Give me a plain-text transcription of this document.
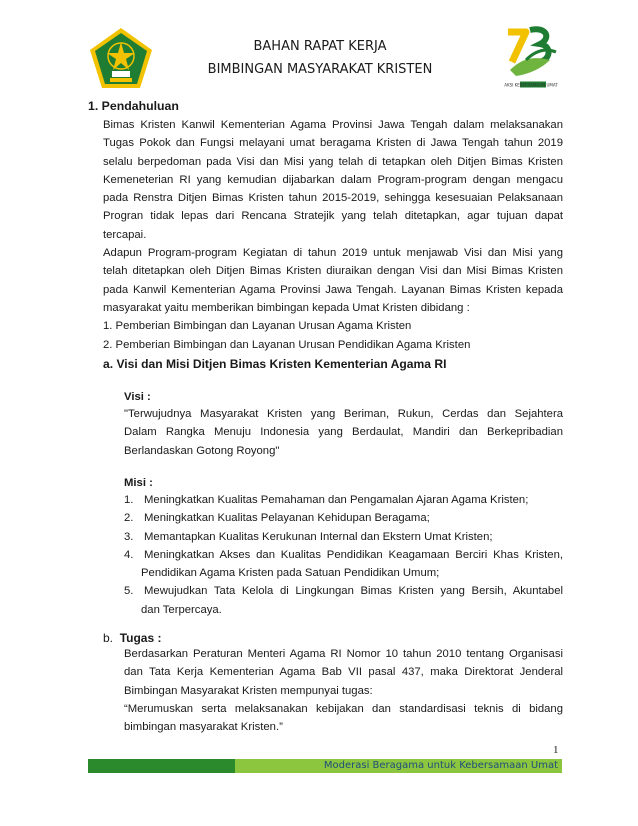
BAHAN RAPAT KERJA
BIMBINGAN MASYARAKAT KRISTEN
AKSI KEBERSAMAAN UMAT
1. Pendahuluan

Bimas Kristen Kanwil Kementerian Agama Provinsi Jawa Tengah dalam melaksanakan

Tugas Pokok dan Fungsi melayani umat beragama Kristen di Jawa Tengah tahun 2019

selalu berpedoman pada Visi dan Misi yang telah di tetapkan oleh Ditjen Bimas Kristen

Kemeneterian RI yang kemudian dijabarkan dalam Program-program dengan mengacu

pada Renstra Ditjen Bimas Kristen tahun 2015-2019, sehingga kesesuaian Pelaksanaan

Progran tidak lepas dari Rencana Stratejik yang telah ditetapkan, agar tujuan dapat

tercapai.

Adapun Program-program Kegiatan di tahun 2019 untuk menjawab Visi dan Misi yang

telah ditetapkan oleh Ditjen Bimas Kristen diuraikan dengan Visi dan Misi Bimas Kristen

pada Kanwil Kementerian Agama Provinsi Jawa Tengah. Layanan Bimas Kristen kepada

masyarakat yaitu memberikan bimbingan kepada Umat Kristen dibidang :

1. Pemberian Bimbingan dan Layanan Urusan Agama Kristen

2. Pemberian Bimbingan dan Layanan Urusan Pendidikan Agama Kristen

a. Visi dan Misi Ditjen Bimas Kristen Kementerian Agama RI
Visi :

"Terwujudnya Masyarakat Kristen yang Beriman, Rukun, Cerdas dan Sejahtera

Dalam Rangka Menuju Indonesia yang Berdaulat, Mandiri dan Berkepribadian

Berlandaskan Gotong Royong"

Misi :
1. Meningkatkan Kualitas Pemahaman dan Pengamalan Ajaran Agama Kristen;
2. Meningkatkan Kualitas Pelayanan Kehidupan Beragama;
3. Memantapkan Kualitas Kerukunan Internal dan Ekstern Umat Kristen;
4. Meningkatkan Akses dan Kualitas Pendidikan Keagamaan Berciri Khas Kristen,

Pendidikan Agama Kristen pada Satuan Pendidikan Umum;

5. Mewujudkan Tata Kelola di Lingkungan Bimas Kristen yang Bersih, Akuntabel

dan Terpercaya.

b. Tugas :

Berdasarkan Peraturan Menteri Agama RI Nomor 10 tahun 2010 tentang Organisasi

dan Tata Kerja Kementerian Agama Bab VII pasal 437, maka Direktorat Jenderal

Bimbingan Masyarakat Kristen mempunyai tugas:

“Merumuskan serta melaksanakan kebijakan dan standardisasi teknis di bidang

bimbingan masyarakat Kristen.”

1
Moderasi Beragama untuk Kebersamaan Umat
